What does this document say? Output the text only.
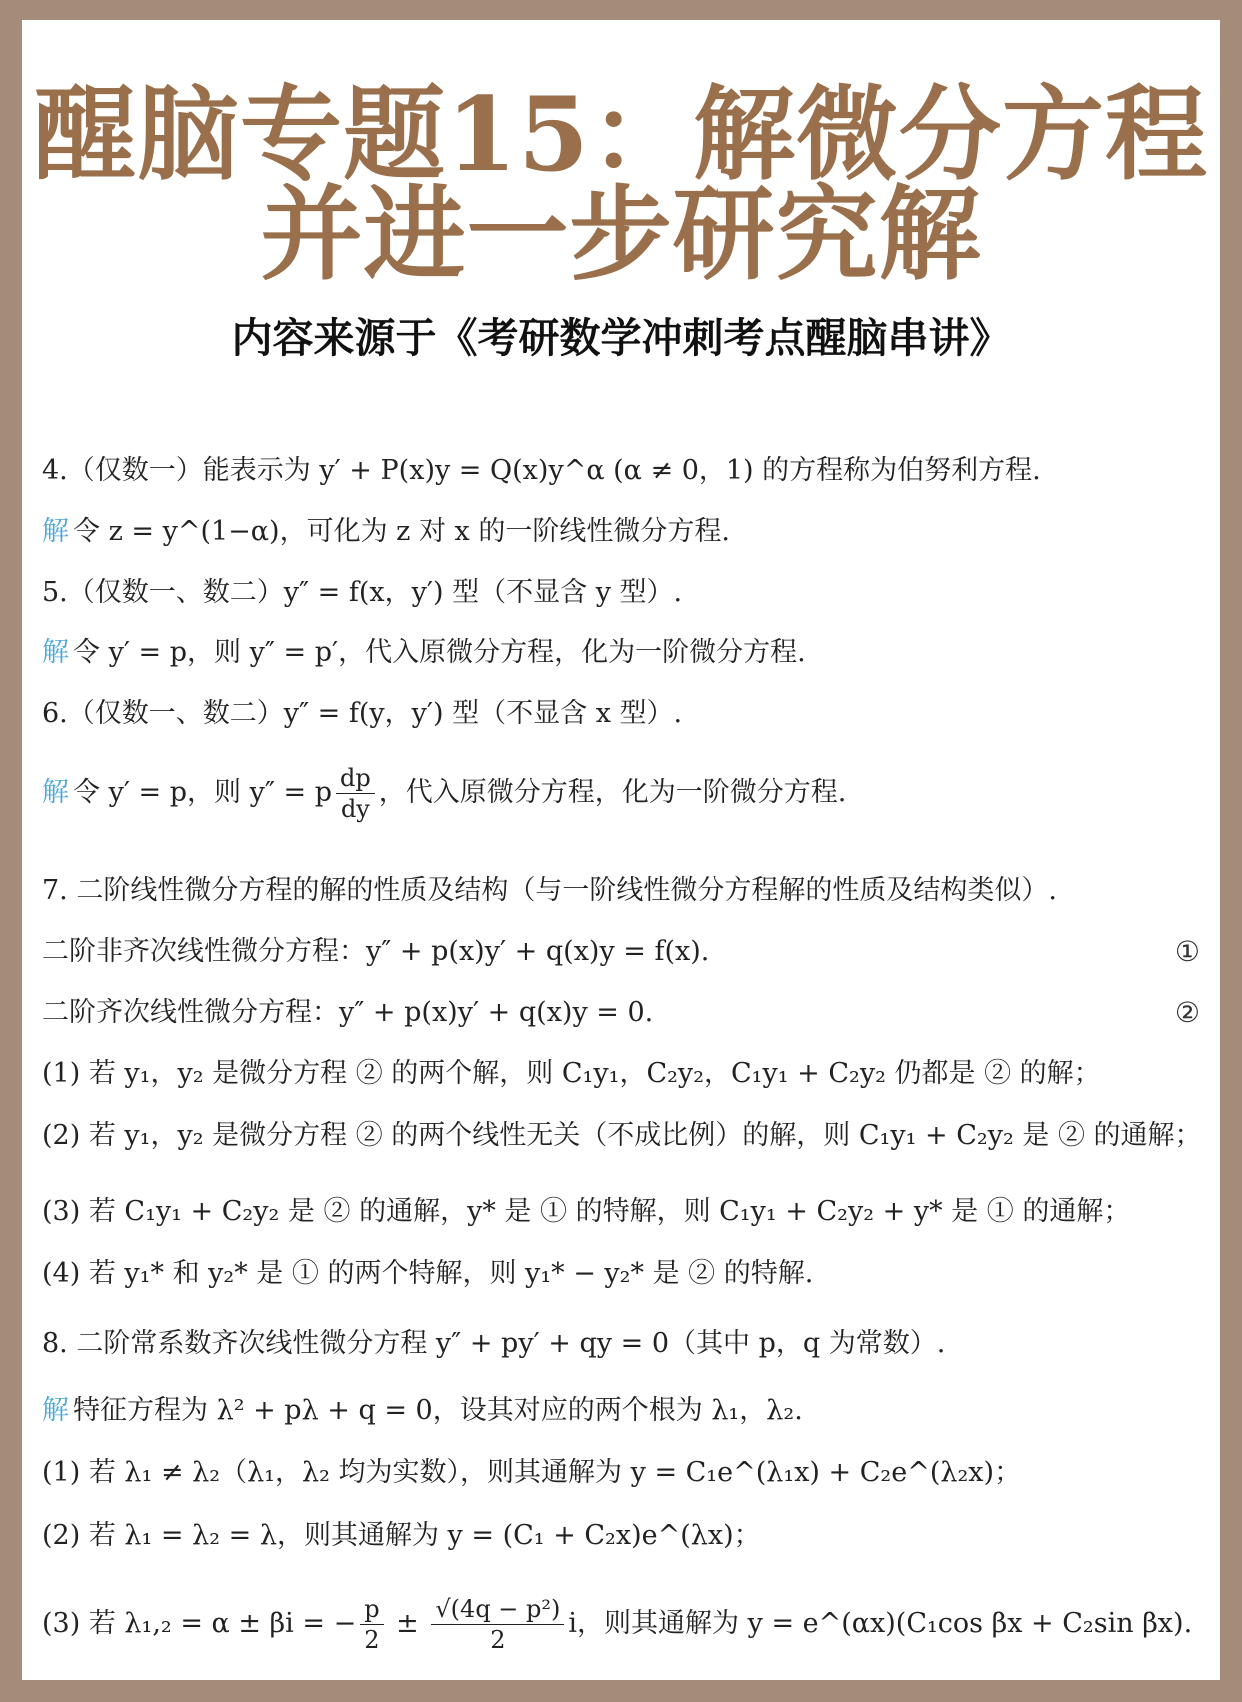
醒脑专题15：解微分方程
并进一步研究解
内容来源于《考研数学冲刺考点醒脑串讲》
4.（仅数一）能表示为 y′ + P(x)y = Q(x)y^α (α ≠ 0，1) 的方程称为伯努利方程.
解 令 z = y^(1−α)，可化为 z 对 x 的一阶线性微分方程.
5.（仅数一、数二）y″ = f(x，y′) 型（不显含 y 型）.
解 令 y′ = p，则 y″ = p′，代入原微分方程，化为一阶微分方程.
6.（仅数一、数二）y″ = f(y，y′) 型（不显含 x 型）.
解 令 y′ = p，则 y″ = p $\frac{dp}{dy}$ ，代入原微分方程，化为一阶微分方程.
7. 二阶线性微分方程的解的性质及结构（与一阶线性微分方程解的性质及结构类似）.
二阶非齐次线性微分方程：y″ + p(x)y′ + q(x)y = f(x).	①
二阶齐次线性微分方程：y″ + p(x)y′ + q(x)y = 0.	②
(1) 若 y₁，y₂ 是微分方程 ② 的两个解，则 C₁y₁，C₂y₂，C₁y₁ + C₂y₂ 仍都是 ② 的解；
(2) 若 y₁，y₂ 是微分方程 ② 的两个线性无关（不成比例）的解，则 C₁y₁ + C₂y₂ 是 ② 的通解；
(3) 若 C₁y₁ + C₂y₂ 是 ② 的通解，y* 是 ① 的特解，则 C₁y₁ + C₂y₂ + y* 是 ① 的通解；
(4) 若 y₁* 和 y₂* 是 ① 的两个特解，则 y₁* − y₂* 是 ② 的特解.
8. 二阶常系数齐次线性微分方程 y″ + py′ + qy = 0（其中 p，q 为常数）.
解 特征方程为 λ² + pλ + q = 0，设其对应的两个根为 λ₁，λ₂.
(1) 若 λ₁ ≠ λ₂（λ₁，λ₂ 均为实数），则其通解为 y = C₁e^(λ₁x) + C₂e^(λ₂x)；
(2) 若 λ₁ = λ₂ = λ，则其通解为 y = (C₁ + C₂x)e^(λx)；
(3) 若 λ₁,₂ = α ± βi = − $\frac{p}{2} \pm \frac{\text{√(4q − p²)}}{2}$ i，则其通解为 y = e^(αx)(C₁cos βx + C₂sin βx).
